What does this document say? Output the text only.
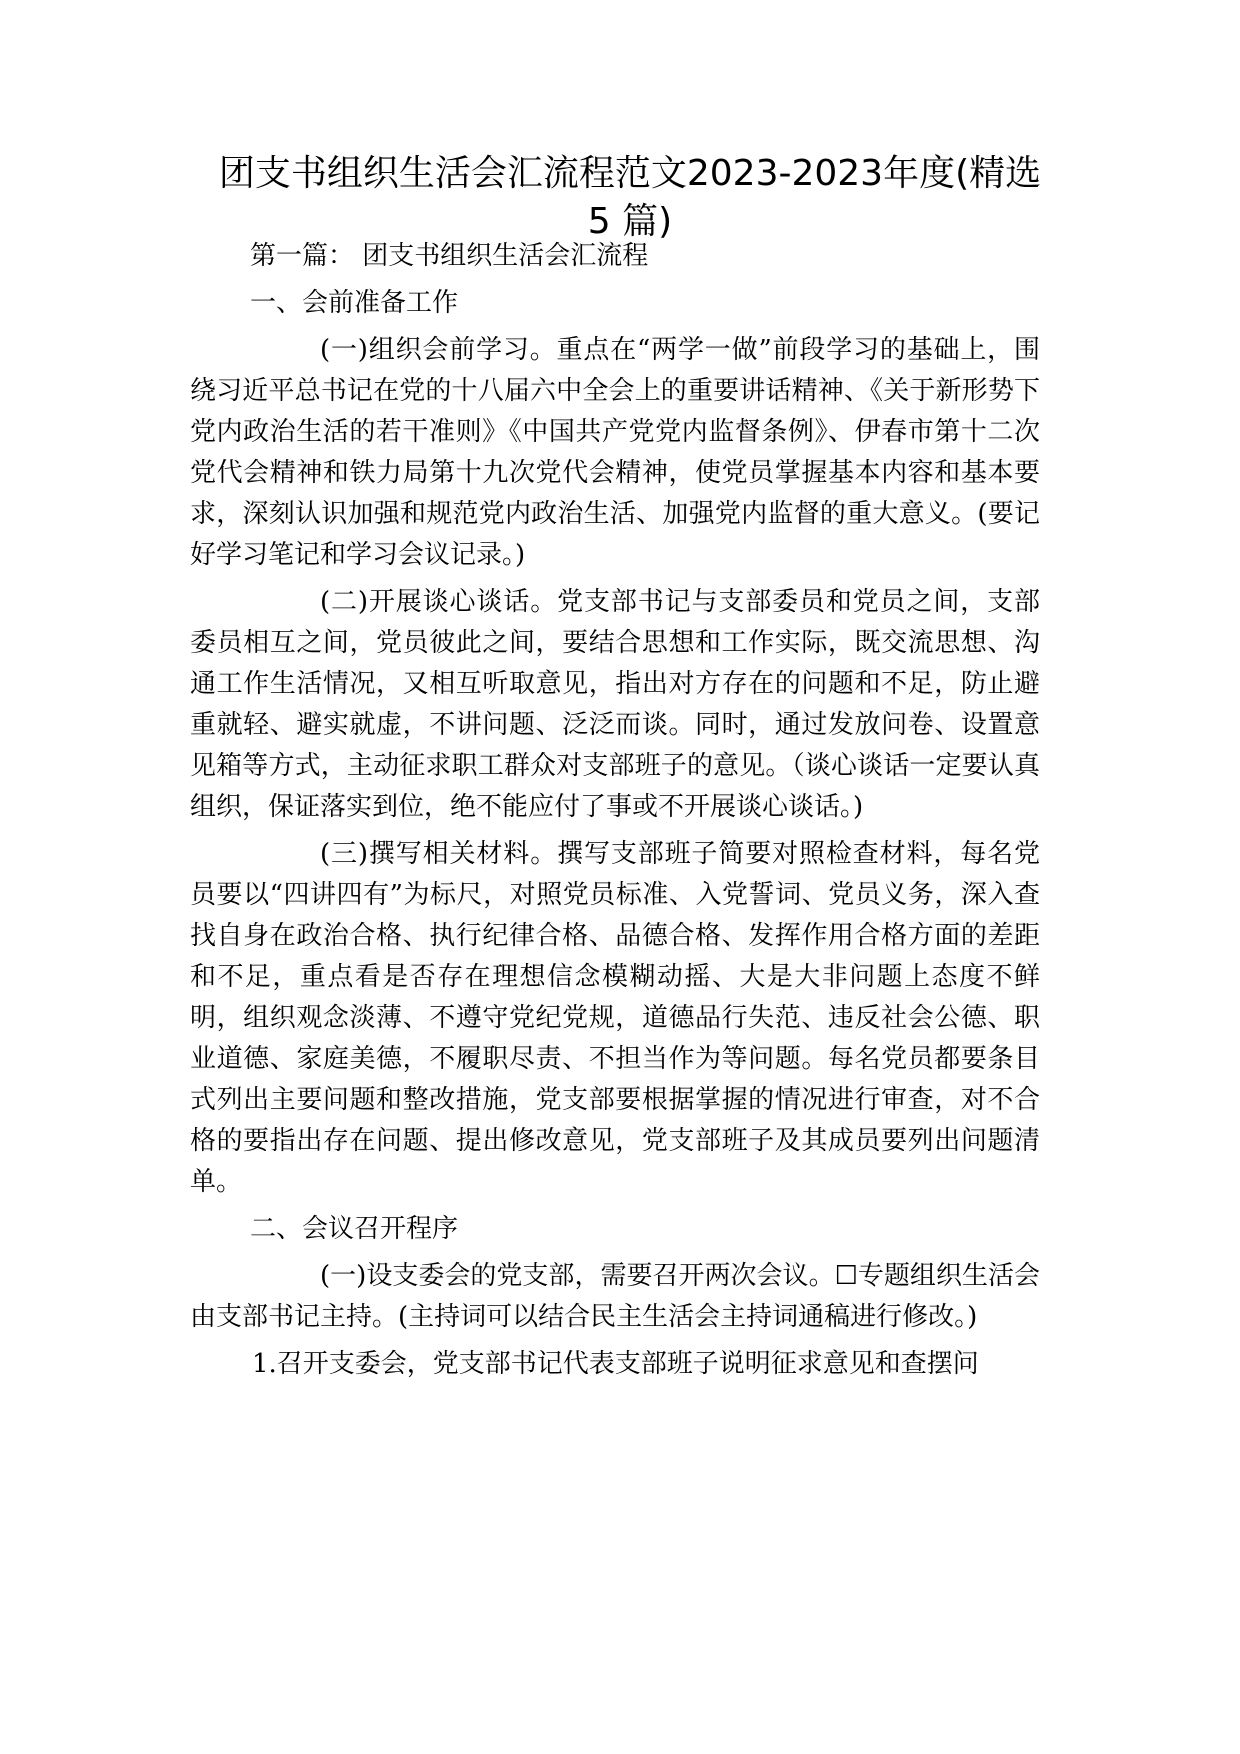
团支书组织生活会汇流程范文2023-2023年度(精选
5 篇)

第一篇： 团支书组织生活会汇流程

一、会前准备工作

(一)组织会前学习。重点在“两学一做”前段学习的基础上，围绕习近平总书记在党的十八届六中全会上的重要讲话精神、《关于新形势下党内政治生活的若干准则》《中国共产党党内监督条例》、伊春市第十二次党代会精神和铁力局第十九次党代会精神，使党员掌握基本内容和基本要求，深刻认识加强和规范党内政治生活、加强党内监督的重大意义。(要记好学习笔记和学习会议记录。)

(二)开展谈心谈话。党支部书记与支部委员和党员之间，支部委员相互之间，党员彼此之间，要结合思想和工作实际，既交流思想、沟通工作生活情况，又相互听取意见，指出对方存在的问题和不足，防止避重就轻、避实就虚，不讲问题、泛泛而谈。同时，通过发放问卷、设置意见箱等方式，主动征求职工群众对支部班子的意见。（谈心谈话一定要认真组织，保证落实到位，绝不能应付了事或不开展谈心谈话。)

(三)撰写相关材料。撰写支部班子简要对照检查材料，每名党员要以“四讲四有”为标尺，对照党员标准、入党誓词、党员义务，深入查找自身在政治合格、执行纪律合格、品德合格、发挥作用合格方面的差距和不足，重点看是否存在理想信念模糊动摇、大是大非问题上态度不鲜明，组织观念淡薄、不遵守党纪党规，道德品行失范、违反社会公德、职业道德、家庭美德，不履职尽责、不担当作为等问题。每名党员都要条目式列出主要问题和整改措施，党支部要根据掌握的情况进行审查，对不合格的要指出存在问题、提出修改意见，党支部班子及其成员要列出问题清单。

二、会议召开程序

(一)设支委会的党支部，需要召开两次会议。☐专题组织生活会由支部书记主持。(主持词可以结合民主生活会主持词通稿进行修改。)

1.召开支委会，党支部书记代表支部班子说明征求意见和查摆问
